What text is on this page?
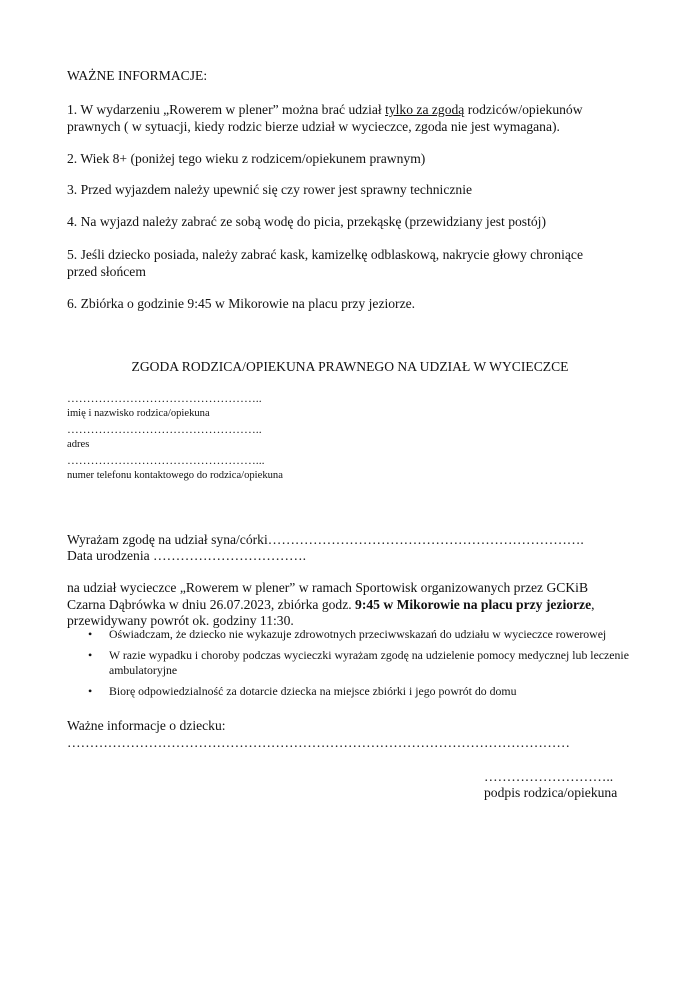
WAŻNE INFORMACJE:

1. W wydarzeniu „Rowerem w plener” można brać udział tylko za zgodą rodziców/opiekunów

prawnych ( w sytuacji, kiedy rodzic bierze udział w wycieczce, zgoda nie jest wymagana).

2. Wiek 8+ (poniżej tego wieku z rodzicem/opiekunem prawnym)

3. Przed wyjazdem należy upewnić się czy rower jest sprawny technicznie

4. Na wyjazd należy zabrać ze sobą wodę do picia, przekąskę (przewidziany jest postój)

5. Jeśli dziecko posiada, należy zabrać kask, kamizelkę odblaskową, nakrycie głowy chroniące

przed słońcem

6. Zbiórka o godzinie 9:45 w Mikorowie na placu przy jeziorze.

ZGODA RODZICA/OPIEKUNA PRAWNEGO NA UDZIAŁ W WYCIECZCE

…………………………………………..

imię i nazwisko rodzica/opiekuna

…………………………………………..

adres

…………………………………………...

numer telefonu kontaktowego do rodzica/opiekuna

Wyrażam zgodę na udział syna/córki…………………………………………………………….

Data urodzenia …………………………….

na udział wycieczce „Rowerem w plener” w ramach Sportowisk organizowanych przez GCKiB

Czarna Dąbrówka w dniu 26.07.2023, zbiórka godz. 9:45 w Mikorowie na placu przy jeziorze,

przewidywany powrót ok. godziny 11:30.

• Oświadczam, że dziecko nie wykazuje zdrowotnych przeciwwskazań do udziału w wycieczce rowerowej
• W razie wypadku i choroby podczas wycieczki wyrażam zgodę na udzielenie pomocy medycznej lub leczenie ambulatoryjne
• Biorę odpowiedzialność za dotarcie dziecka na miejsce zbiórki i jego powrót do domu

Ważne informacje o dziecku:

…………………………………………………………………………………………………

………………………..

podpis rodzica/opiekuna
